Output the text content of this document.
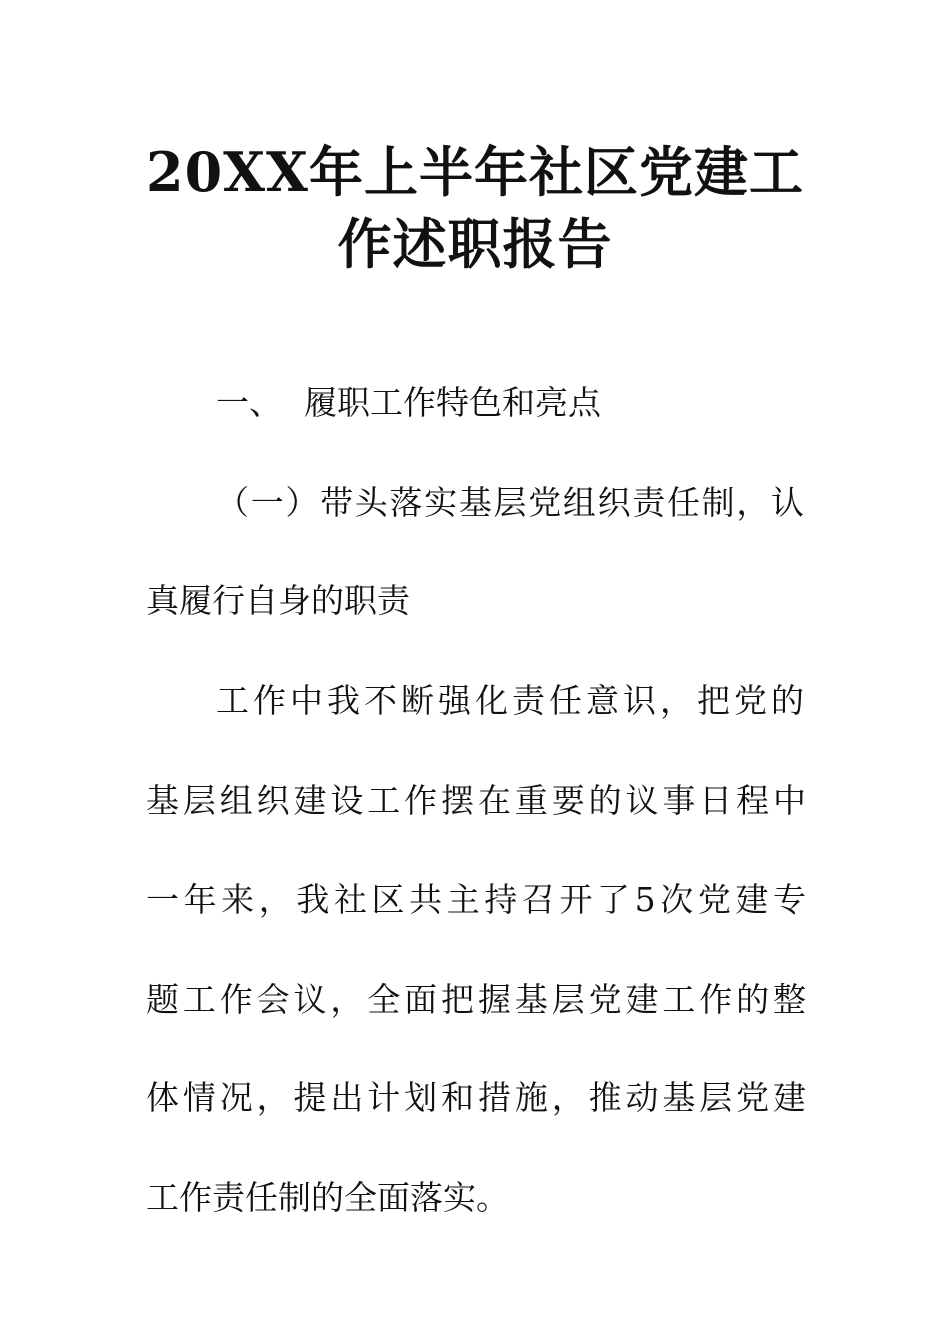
20XX年上半年社区党建工
作述职报告
一、 履职工作特色和亮点
（一）带头落实基层党组织责任制，认
真履行自身的职责
工作中我不断强化责任意识，把党的
基层组织建设工作摆在重要的议事日程中
一年来，我社区共主持召开了5次党建专
题工作会议，全面把握基层党建工作的整
体情况，提出计划和措施，推动基层党建
工作责任制的全面落实。
